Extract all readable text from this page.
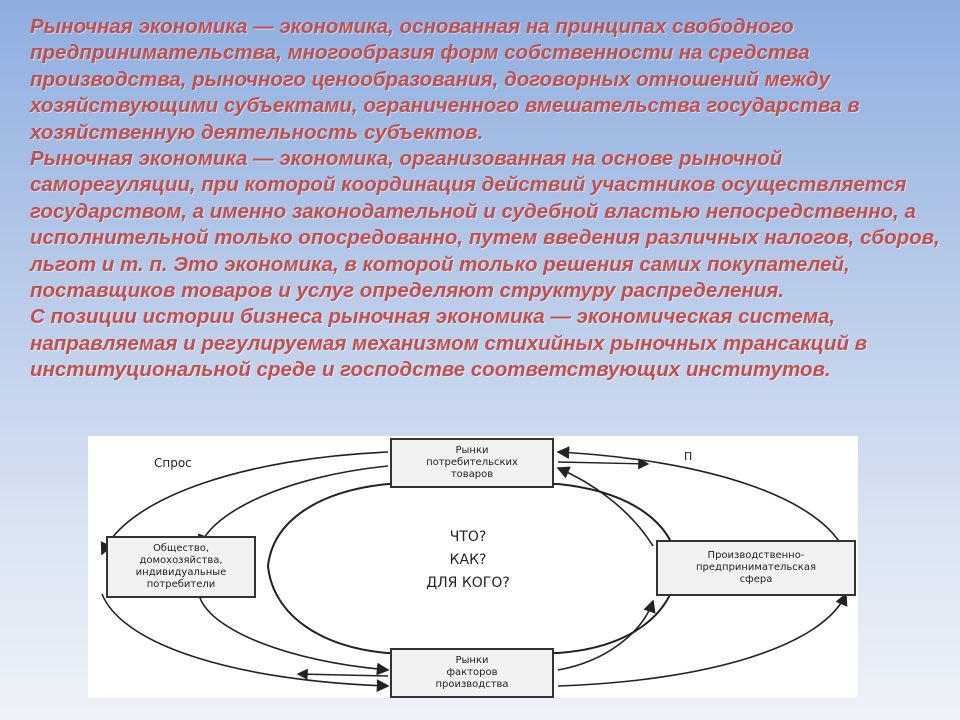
Рыночная экономика — экономика, основанная на принципах свободного предпринимательства, многообразия форм собственности на средства производства, рыночного ценообразования, договорных отношений между хозяйствующими субъектами, ограниченного вмешательства государства в хозяйственную деятельность субъектов.

Рыночная экономика — экономика, организованная на основе рыночной саморегуляции, при которой координация действий участников осуществляется государством, а именно законодательной и судебной властью непосредственно, а исполнительной только опосредованно, путем введения различных налогов, сборов, льгот и т. п. Это экономика, в которой только решения самих покупателей, поставщиков товаров и услуг определяют структуру распределения.

С позиции истории бизнеса рыночная экономика — экономическая система, направляемая и регулируемая механизмом стихийных рыночных трансакций в институциональной среде и господстве соответствующих институтов.

Спрос	П
Рынки
потребительских
товаров
Общество,
домохозяйства,
индивидуальные
потребители
Производственно-
предпринимательская
сфера
Рынки
факторов
производства
ЧТО?
КАК?
ДЛЯ КОГО?
